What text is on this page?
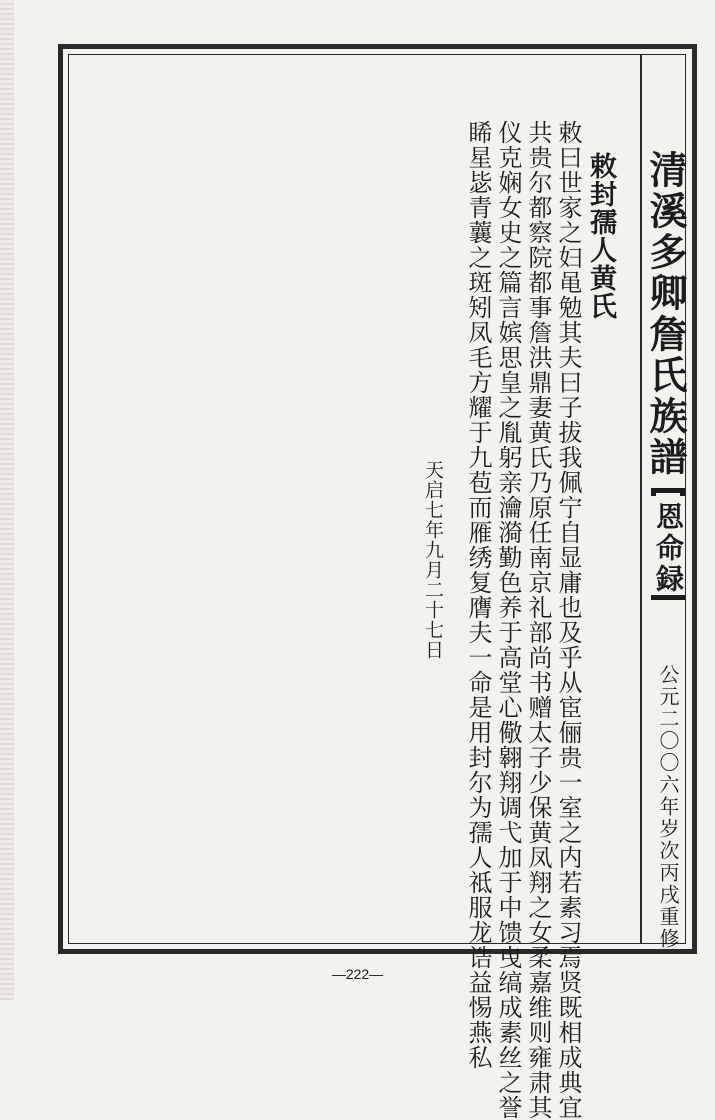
清溪多卿詹氏族譜

恩命録

公元二〇〇六年岁次丙戌重修

敕封孺人黄氏

敕曰世家之妇黾勉其夫曰子拔我佩宁自显庸也及乎从宦俪贵一室之内若素习焉贤既相成典宜

共贵尔都察院都事詹洪鼎妻黄氏乃原任南京礼部尚书赠太子少保黄凤翔之女柔嘉维则雍肃其

仪克娴女史之篇言嫔思皇之胤躬亲瀹漪勤色养于高堂心儆翱翔调弋加于中馈曳缟成素丝之誉

睎星毖青蘘之斑矧凤毛方耀于九苞而雁绣复膺夫一命是用封尔为孺人祗服龙诰益惕燕私

天启七年九月二十七日

—222—
